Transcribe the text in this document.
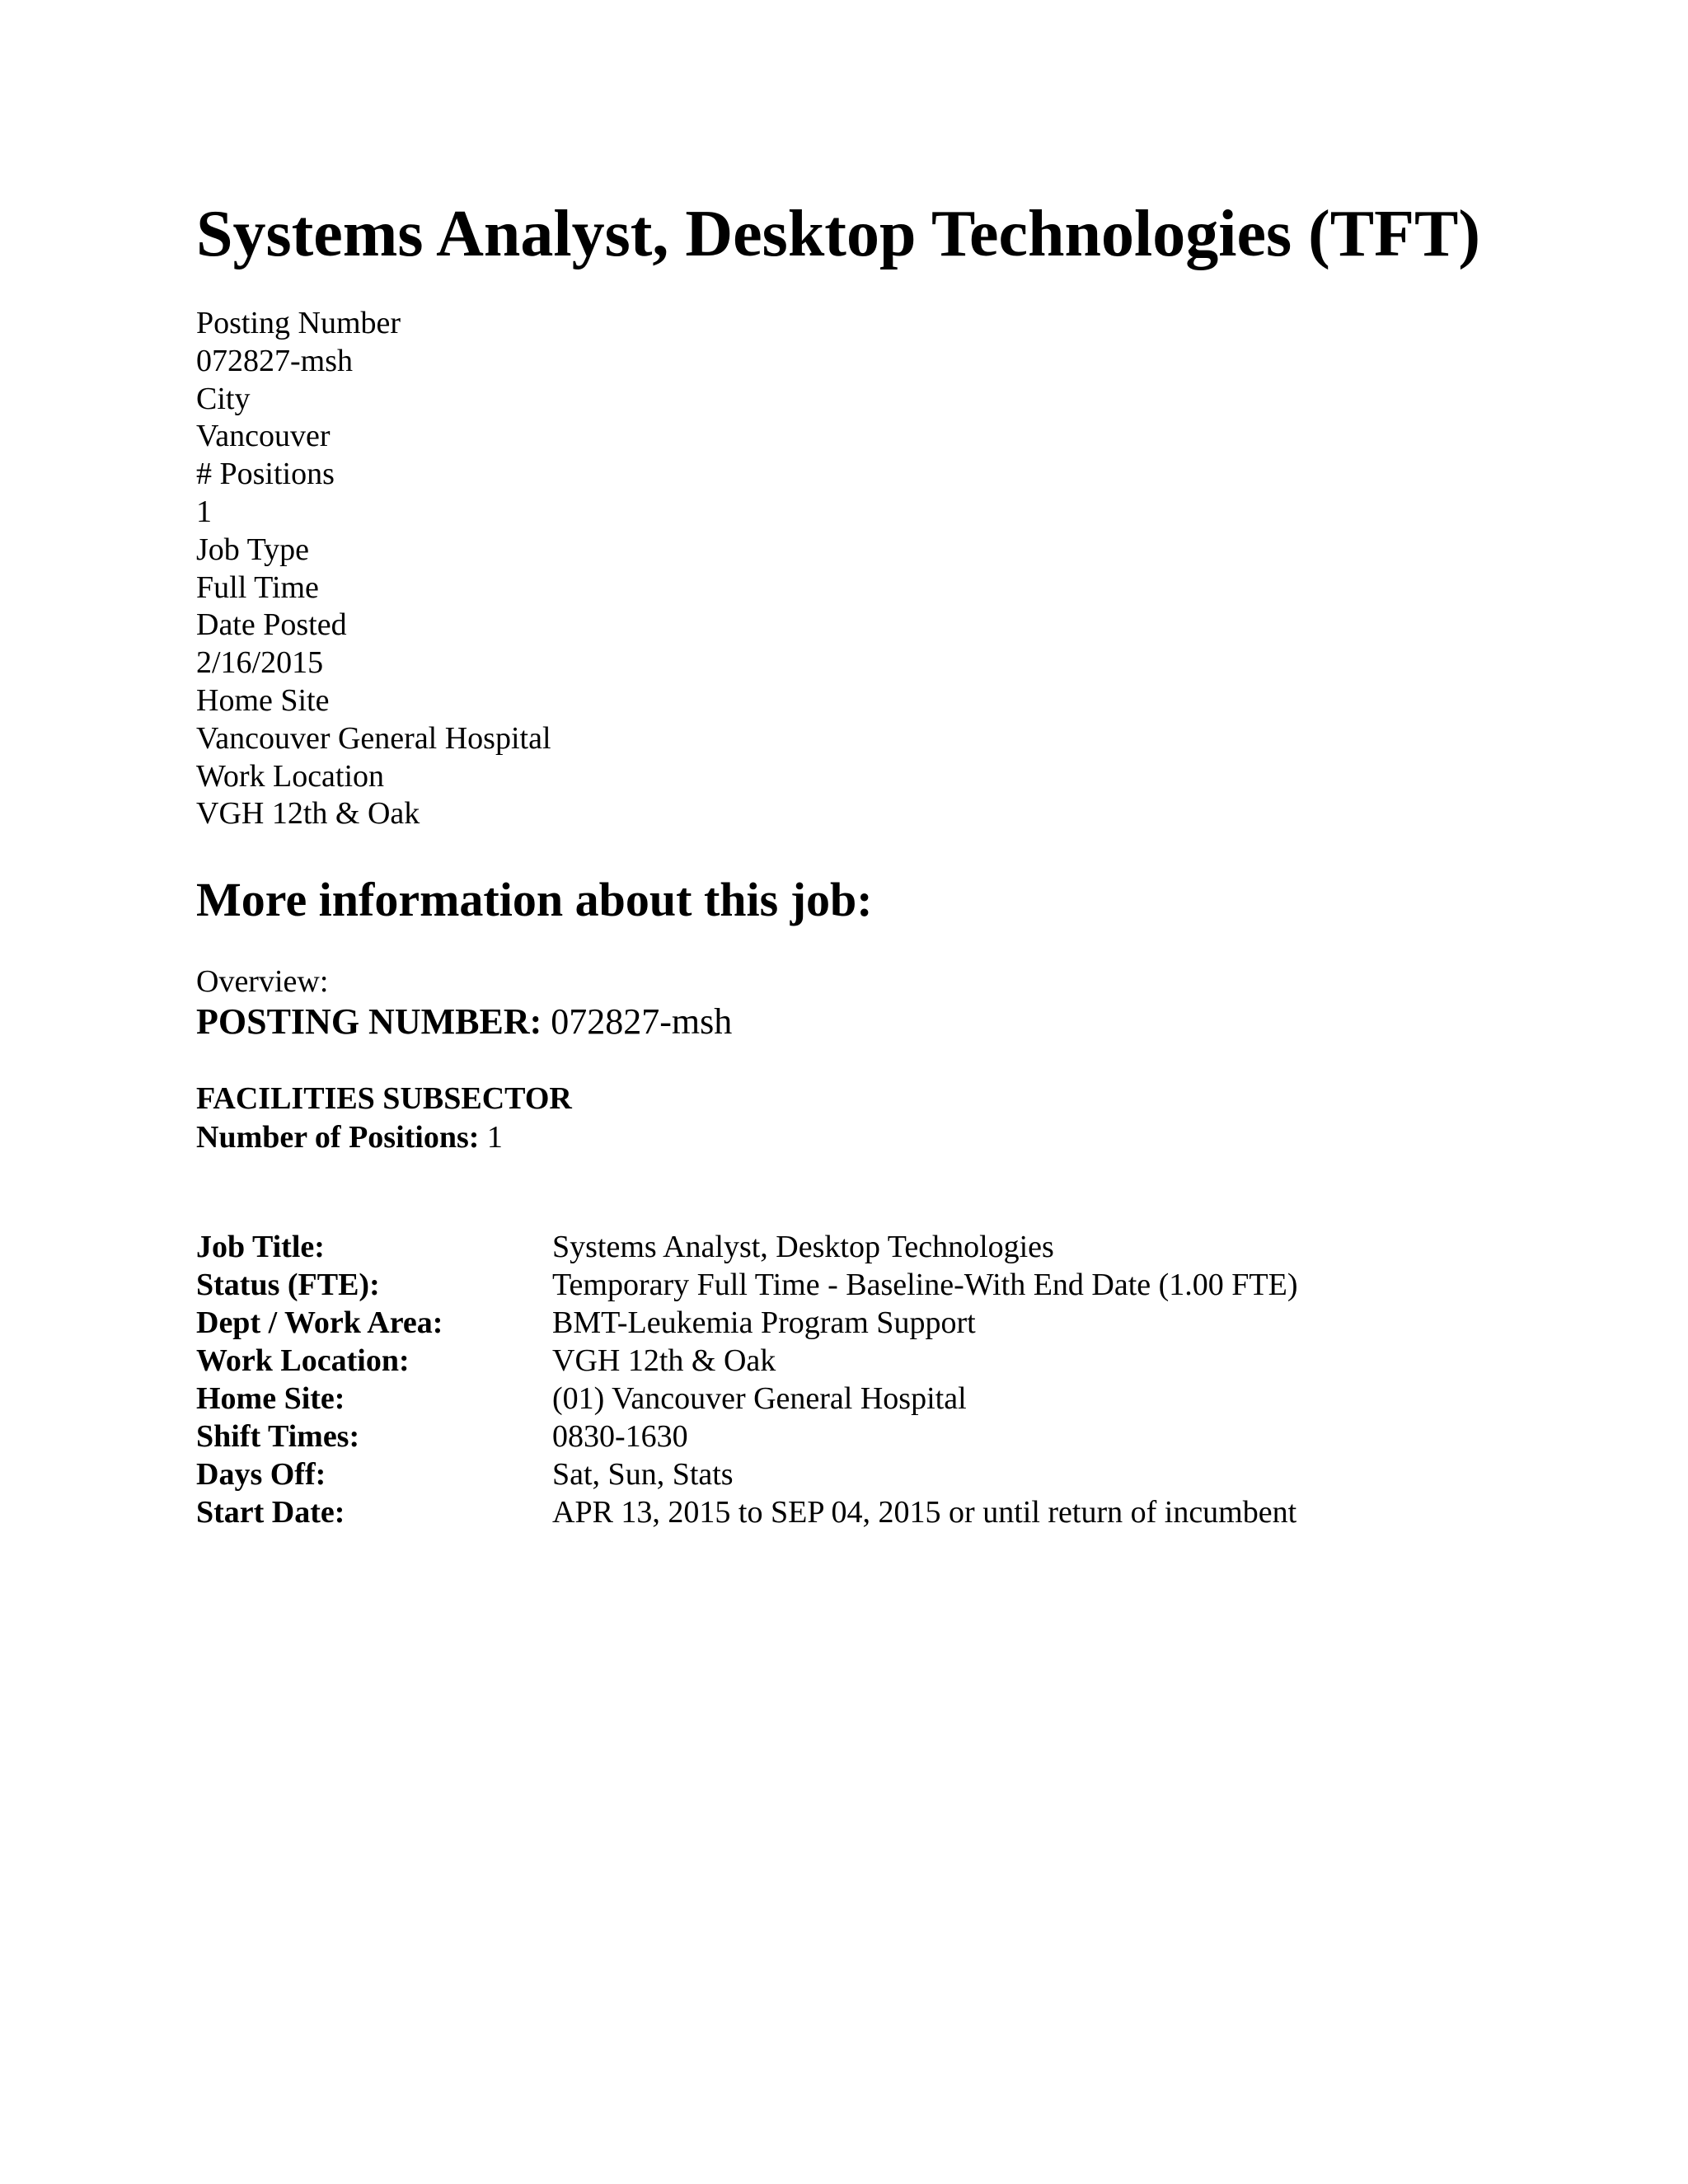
Systems Analyst, Desktop Technologies (TFT)
Posting Number
072827-msh
City
Vancouver
# Positions
1
Job Type
Full Time
Date Posted
2/16/2015
Home Site
Vancouver General Hospital
Work Location
VGH 12th & Oak
More information about this job:
Overview:
POSTING NUMBER: 072827-msh
FACILITIES SUBSECTOR
Number of Positions: 1
Job Title:	Systems Analyst, Desktop Technologies
Status (FTE):	Temporary Full Time - Baseline-With End Date (1.00 FTE)
Dept / Work Area:	BMT-Leukemia Program Support
Work Location:	VGH 12th & Oak
Home Site:	(01) Vancouver General Hospital
Shift Times:	0830-1630
Days Off:	Sat, Sun, Stats
Start Date:	APR 13, 2015 to SEP 04, 2015 or until return of incumbent
